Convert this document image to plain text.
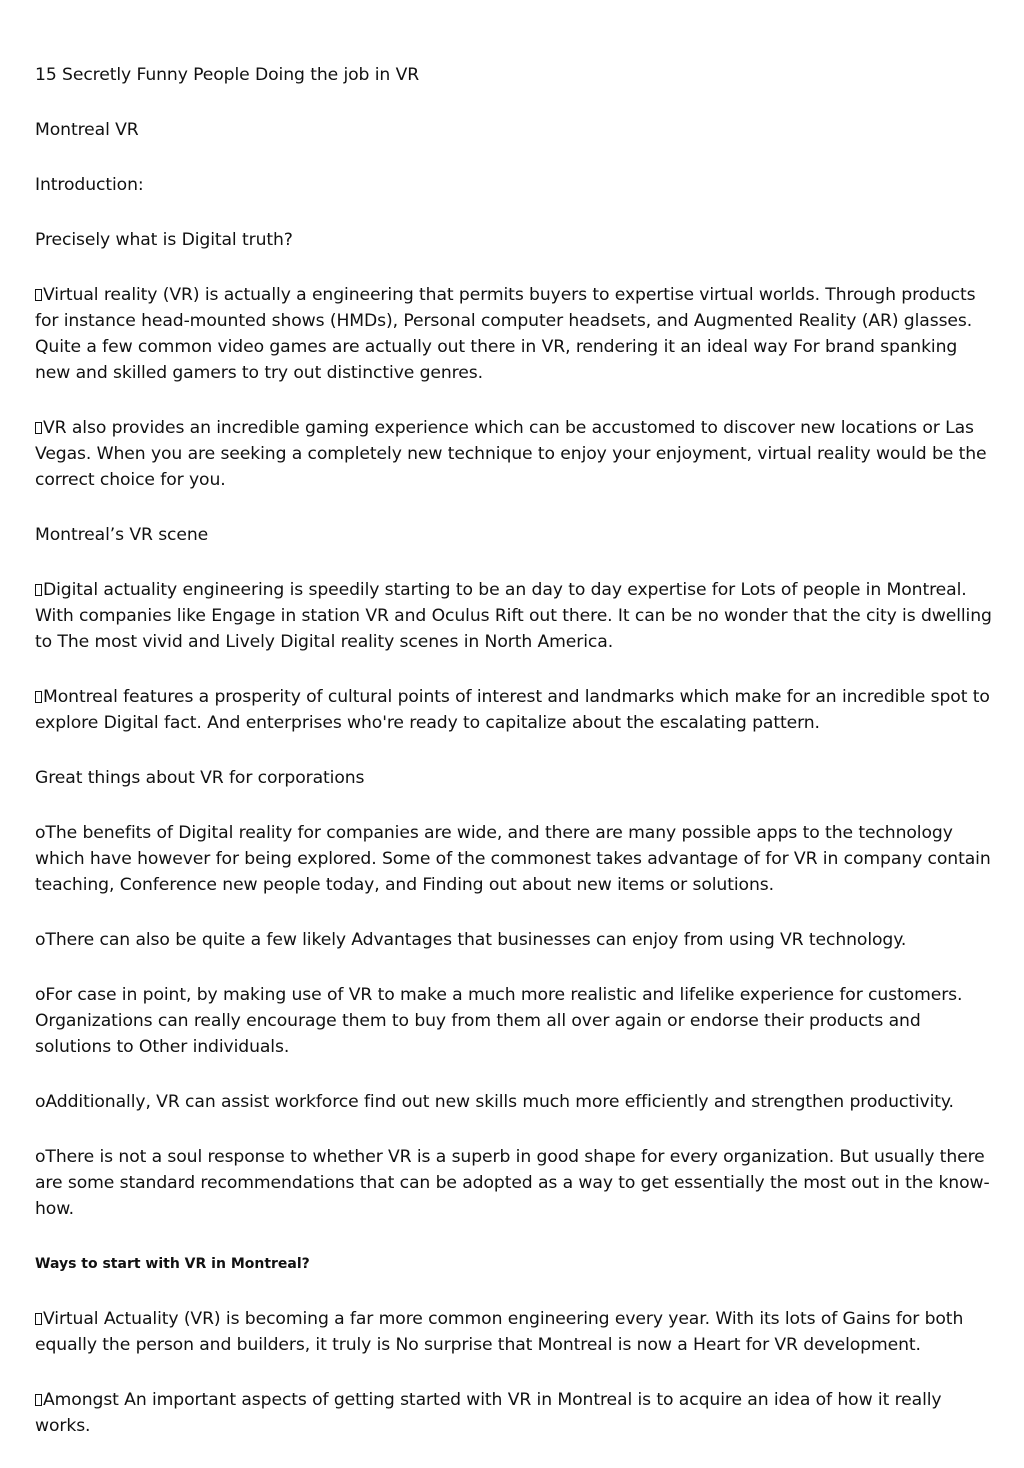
15 Secretly Funny People Doing the job in VR

Montreal VR

Introduction:

Precisely what is Digital truth?

Virtual reality (VR) is actually a engineering that permits buyers to expertise virtual worlds. Through products for instance head-mounted shows (HMDs), Personal computer headsets, and Augmented Reality (AR) glasses. Quite a few common video games are actually out there in VR, rendering it an ideal way For brand spanking new and skilled gamers to try out distinctive genres.

VR also provides an incredible gaming experience which can be accustomed to discover new locations or Las Vegas. When you are seeking a completely new technique to enjoy your enjoyment, virtual reality would be the correct choice for you.

Montreal’s VR scene

Digital actuality engineering is speedily starting to be an day to day expertise for Lots of people in Montreal. With companies like Engage in station VR and Oculus Rift out there. It can be no wonder that the city is dwelling to The most vivid and Lively Digital reality scenes in North America.

Montreal features a prosperity of cultural points of interest and landmarks which make for an incredible spot to explore Digital fact. And enterprises who're ready to capitalize about the escalating pattern.

Great things about VR for corporations

oThe benefits of Digital reality for companies are wide, and there are many possible apps to the technology which have however for being explored. Some of the commonest takes advantage of for VR in company contain teaching, Conference new people today, and Finding out about new items or solutions.

oThere can also be quite a few likely Advantages that businesses can enjoy from using VR technology.

oFor case in point, by making use of VR to make a much more realistic and lifelike experience for customers. Organizations can really encourage them to buy from them all over again or endorse their products and solutions to Other individuals.

oAdditionally, VR can assist workforce find out new skills much more efficiently and strengthen productivity.

oThere is not a soul response to whether VR is a superb in good shape for every organization. But usually there are some standard recommendations that can be adopted as a way to get essentially the most out in the know-how.

Ways to start with VR in Montreal?

Virtual Actuality (VR) is becoming a far more common engineering every year. With its lots of Gains for both equally the person and builders, it truly is No surprise that Montreal is now a Heart for VR development.

Amongst An important aspects of getting started with VR in Montreal is to acquire an idea of how it really works.
